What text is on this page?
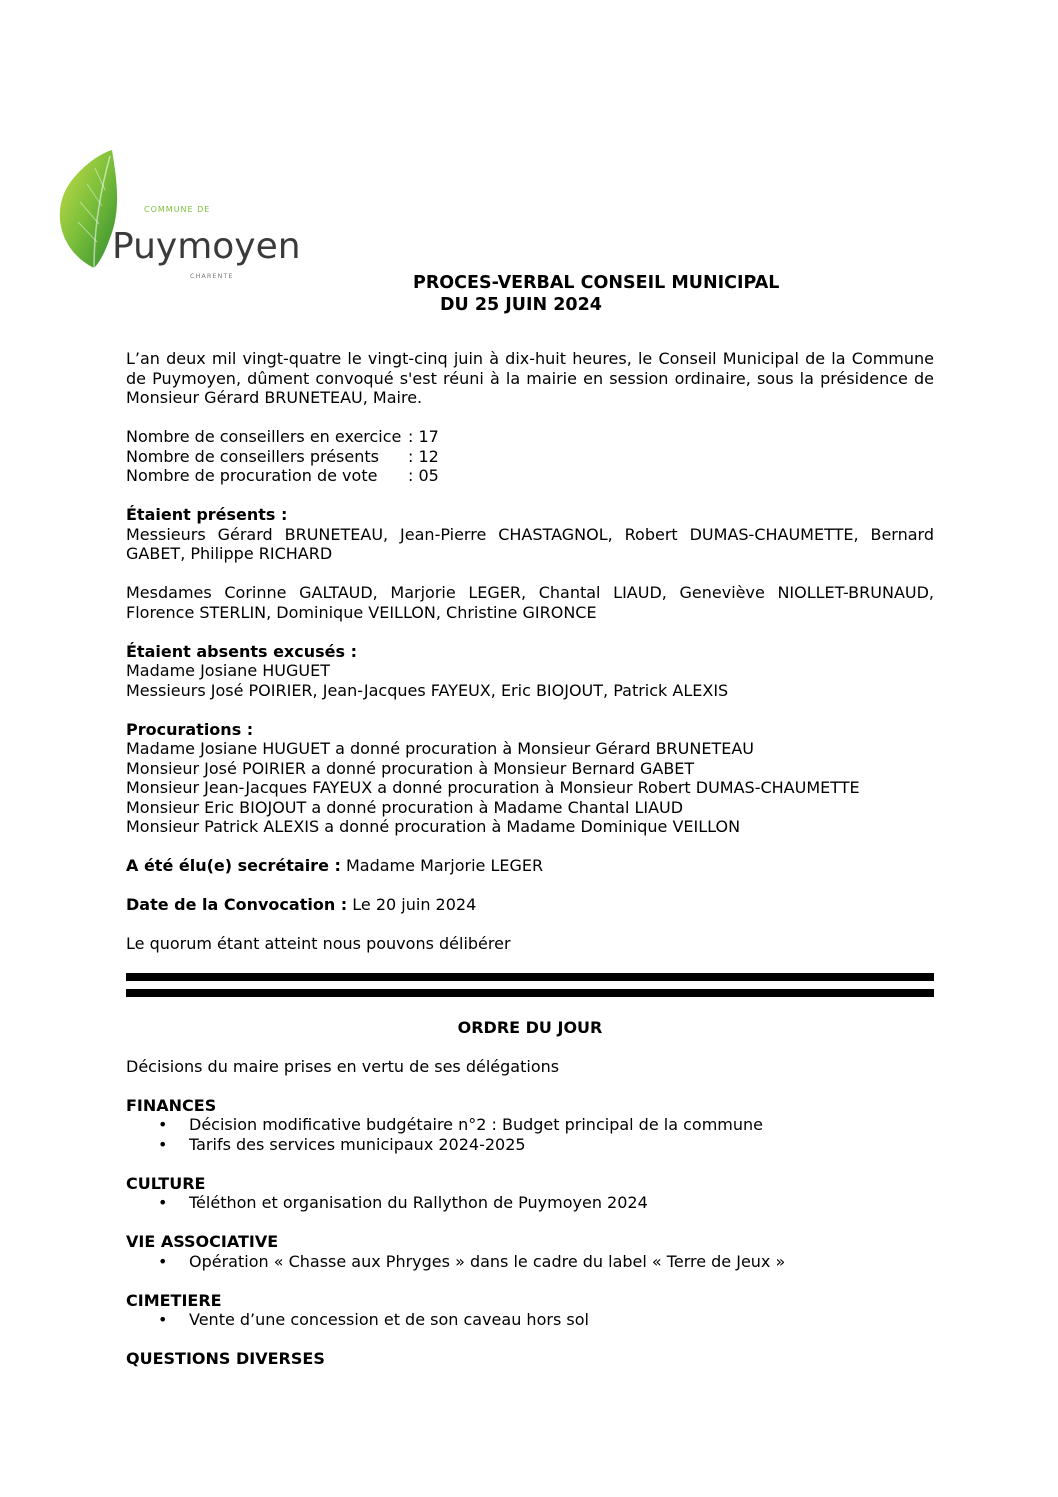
COMMUNE DE
Puymoyen
CHARENTE	PROCES-VERBAL CONSEIL MUNICIPAL
DU 25 JUIN 2024

L’an deux mil vingt-quatre le vingt-cinq juin à dix-huit heures, le Conseil Municipal de la Commune de Puymoyen, dûment convoqué s'est réuni à la mairie en session ordinaire, sous la présidence de Monsieur Gérard BRUNETEAU, Maire.

Nombre de conseillers en exercice : 17
Nombre de conseillers présents	: 12
Nombre de procuration de vote	: 05

Étaient présents :

Messieurs Gérard BRUNETEAU, Jean-Pierre CHASTAGNOL, Robert DUMAS-CHAUMETTE, Bernard GABET, Philippe RICHARD

Mesdames Corinne GALTAUD, Marjorie LEGER, Chantal LIAUD, Geneviève NIOLLET-BRUNAUD, Florence STERLIN, Dominique VEILLON, Christine GIRONCE

Étaient absents excusés :

Madame Josiane HUGUET

Messieurs José POIRIER, Jean-Jacques FAYEUX, Eric BIOJOUT, Patrick ALEXIS

Procurations :

Madame Josiane HUGUET a donné procuration à Monsieur Gérard BRUNETEAU

Monsieur José POIRIER a donné procuration à Monsieur Bernard GABET

Monsieur Jean-Jacques FAYEUX a donné procuration à Monsieur Robert DUMAS-CHAUMETTE

Monsieur Eric BIOJOUT a donné procuration à Madame Chantal LIAUD

Monsieur Patrick ALEXIS a donné procuration à Madame Dominique VEILLON

A été élu(e) secrétaire : Madame Marjorie LEGER

Date de la Convocation : Le 20 juin 2024

Le quorum étant atteint nous pouvons délibérer

ORDRE DU JOUR

Décisions du maire prises en vertu de ses délégations

FINANCES

• Décision modificative budgétaire n°2 : Budget principal de la commune
• Tarifs des services municipaux 2024-2025

CULTURE

• Téléthon et organisation du Rallython de Puymoyen 2024

VIE ASSOCIATIVE

• Opération « Chasse aux Phryges » dans le cadre du label « Terre de Jeux »

CIMETIERE

• Vente d’une concession et de son caveau hors sol

QUESTIONS DIVERSES
